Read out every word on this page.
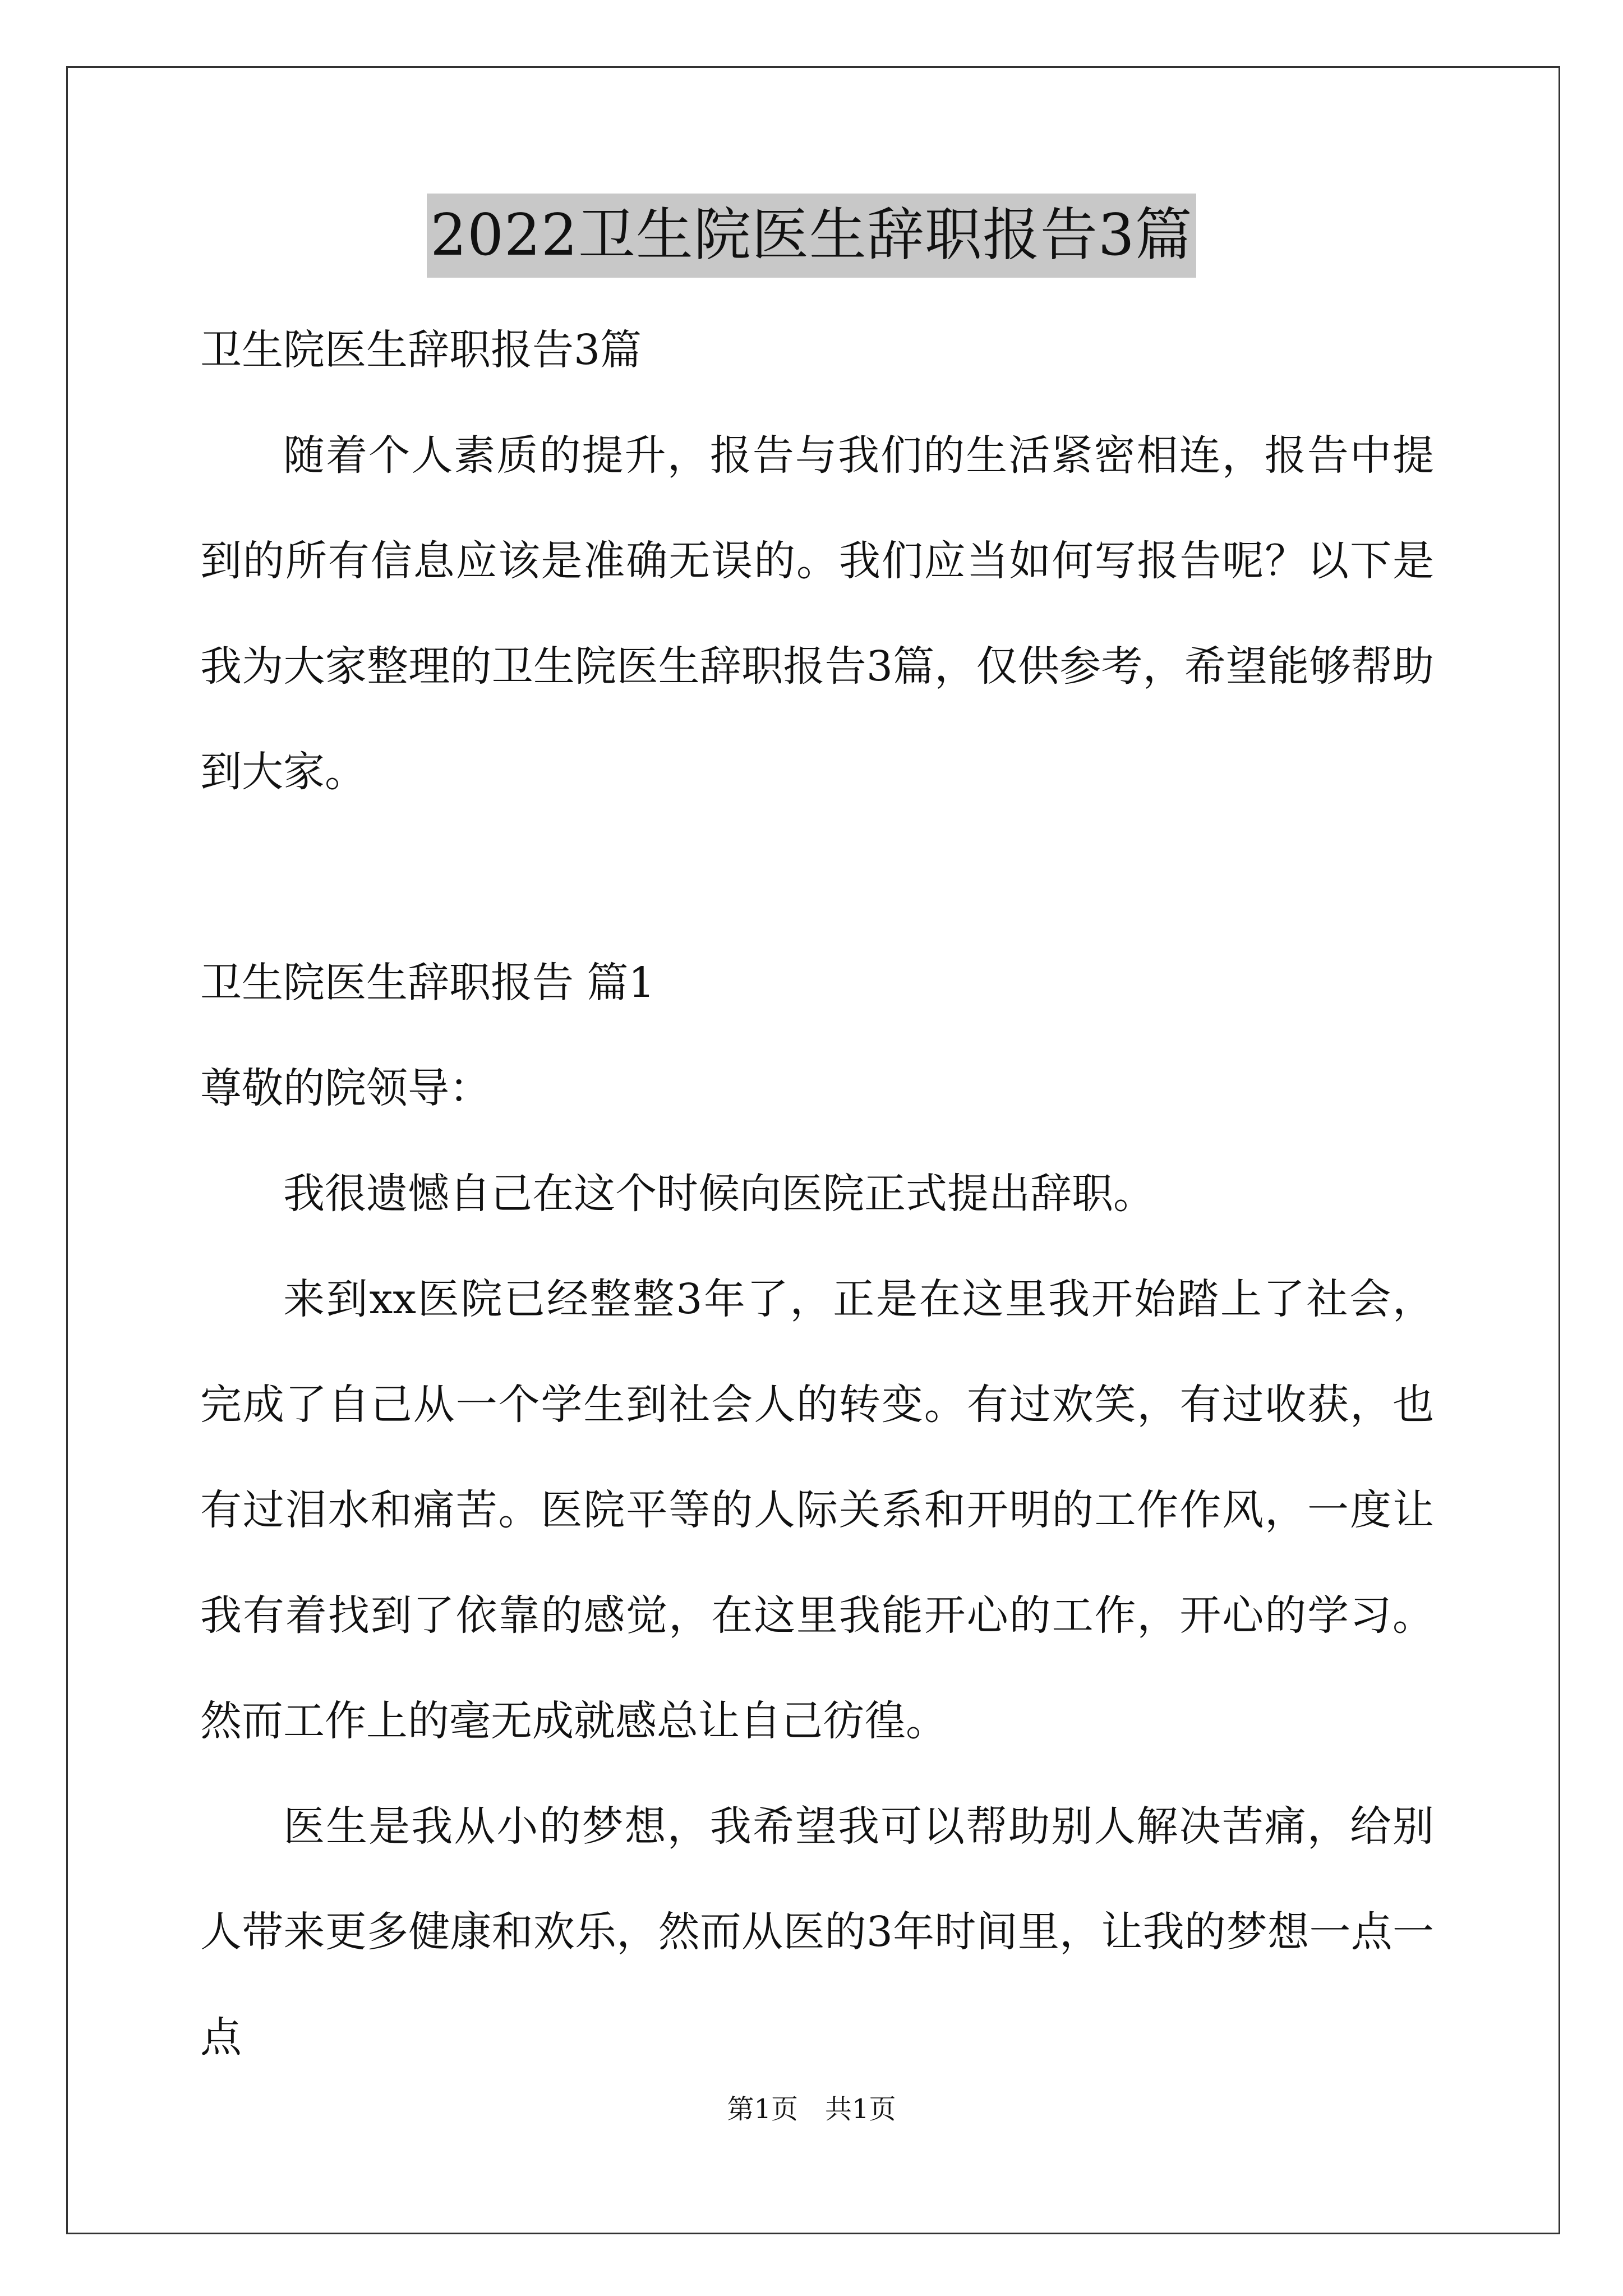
2022卫生院医生辞职报告3篇

卫生院医生辞职报告3篇

随着个人素质的提升，报告与我们的生活紧密相连，报告中提到的所有信息应该是准确无误的。我们应当如何写报告呢？以下是我为大家整理的卫生院医生辞职报告3篇，仅供参考，希望能够帮助到大家。

卫生院医生辞职报告 篇1

尊敬的院领导：

我很遗憾自己在这个时候向医院正式提出辞职。

来到xx医院已经整整3年了，正是在这里我开始踏上了社会，完成了自己从一个学生到社会人的转变。有过欢笑，有过收获，也有过泪水和痛苦。医院平等的人际关系和开明的工作作风，一度让我有着找到了依靠的感觉，在这里我能开心的工作，开心的学习。然而工作上的毫无成就感总让自己彷徨。

医生是我从小的梦想，我希望我可以帮助别人解决苦痛，给别人带来更多健康和欢乐，然而从医的3年时间里，让我的梦想一点一点

第1页 共1页
